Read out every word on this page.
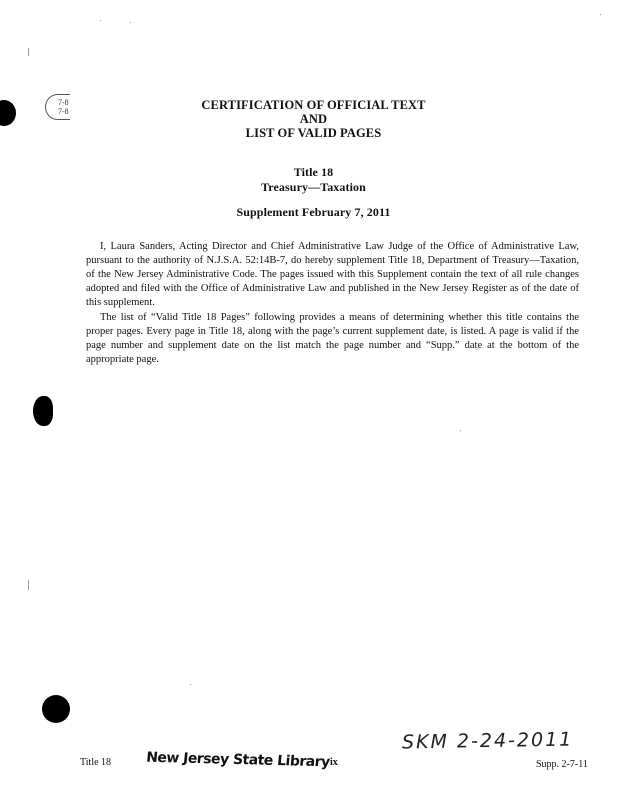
7-8
7-8	CERTIFICATION OF OFFICIAL TEXT
AND
LIST OF VALID PAGES
Title 18
Treasury—Taxation
Supplement February 7, 2011

I, Laura Sanders, Acting Director and Chief Administrative Law Judge of the Office of Administrative Law, pursuant to the authority of N.J.S.A. 52:14B-7, do hereby supplement Title 18, Department of Treasury—Taxation, of the New Jersey Administrative Code. The pages issued with this Supplement contain the text of all rule changes adopted and filed with the Office of Administrative Law and published in the New Jersey Register as of the date of this supplement.

The list of “Valid Title 18 Pages” following provides a means of determining whether this title contains the proper pages. Every page in Title 18, along with the page’s current supplement date, is listed. A page is valid if the page number and supplement date on the list match the page number and “Supp.” date at the bottom of the appropriate page.

Title 18 New Jersey State Library ix
SKM 2-24-2011
Supp. 2-7-11
